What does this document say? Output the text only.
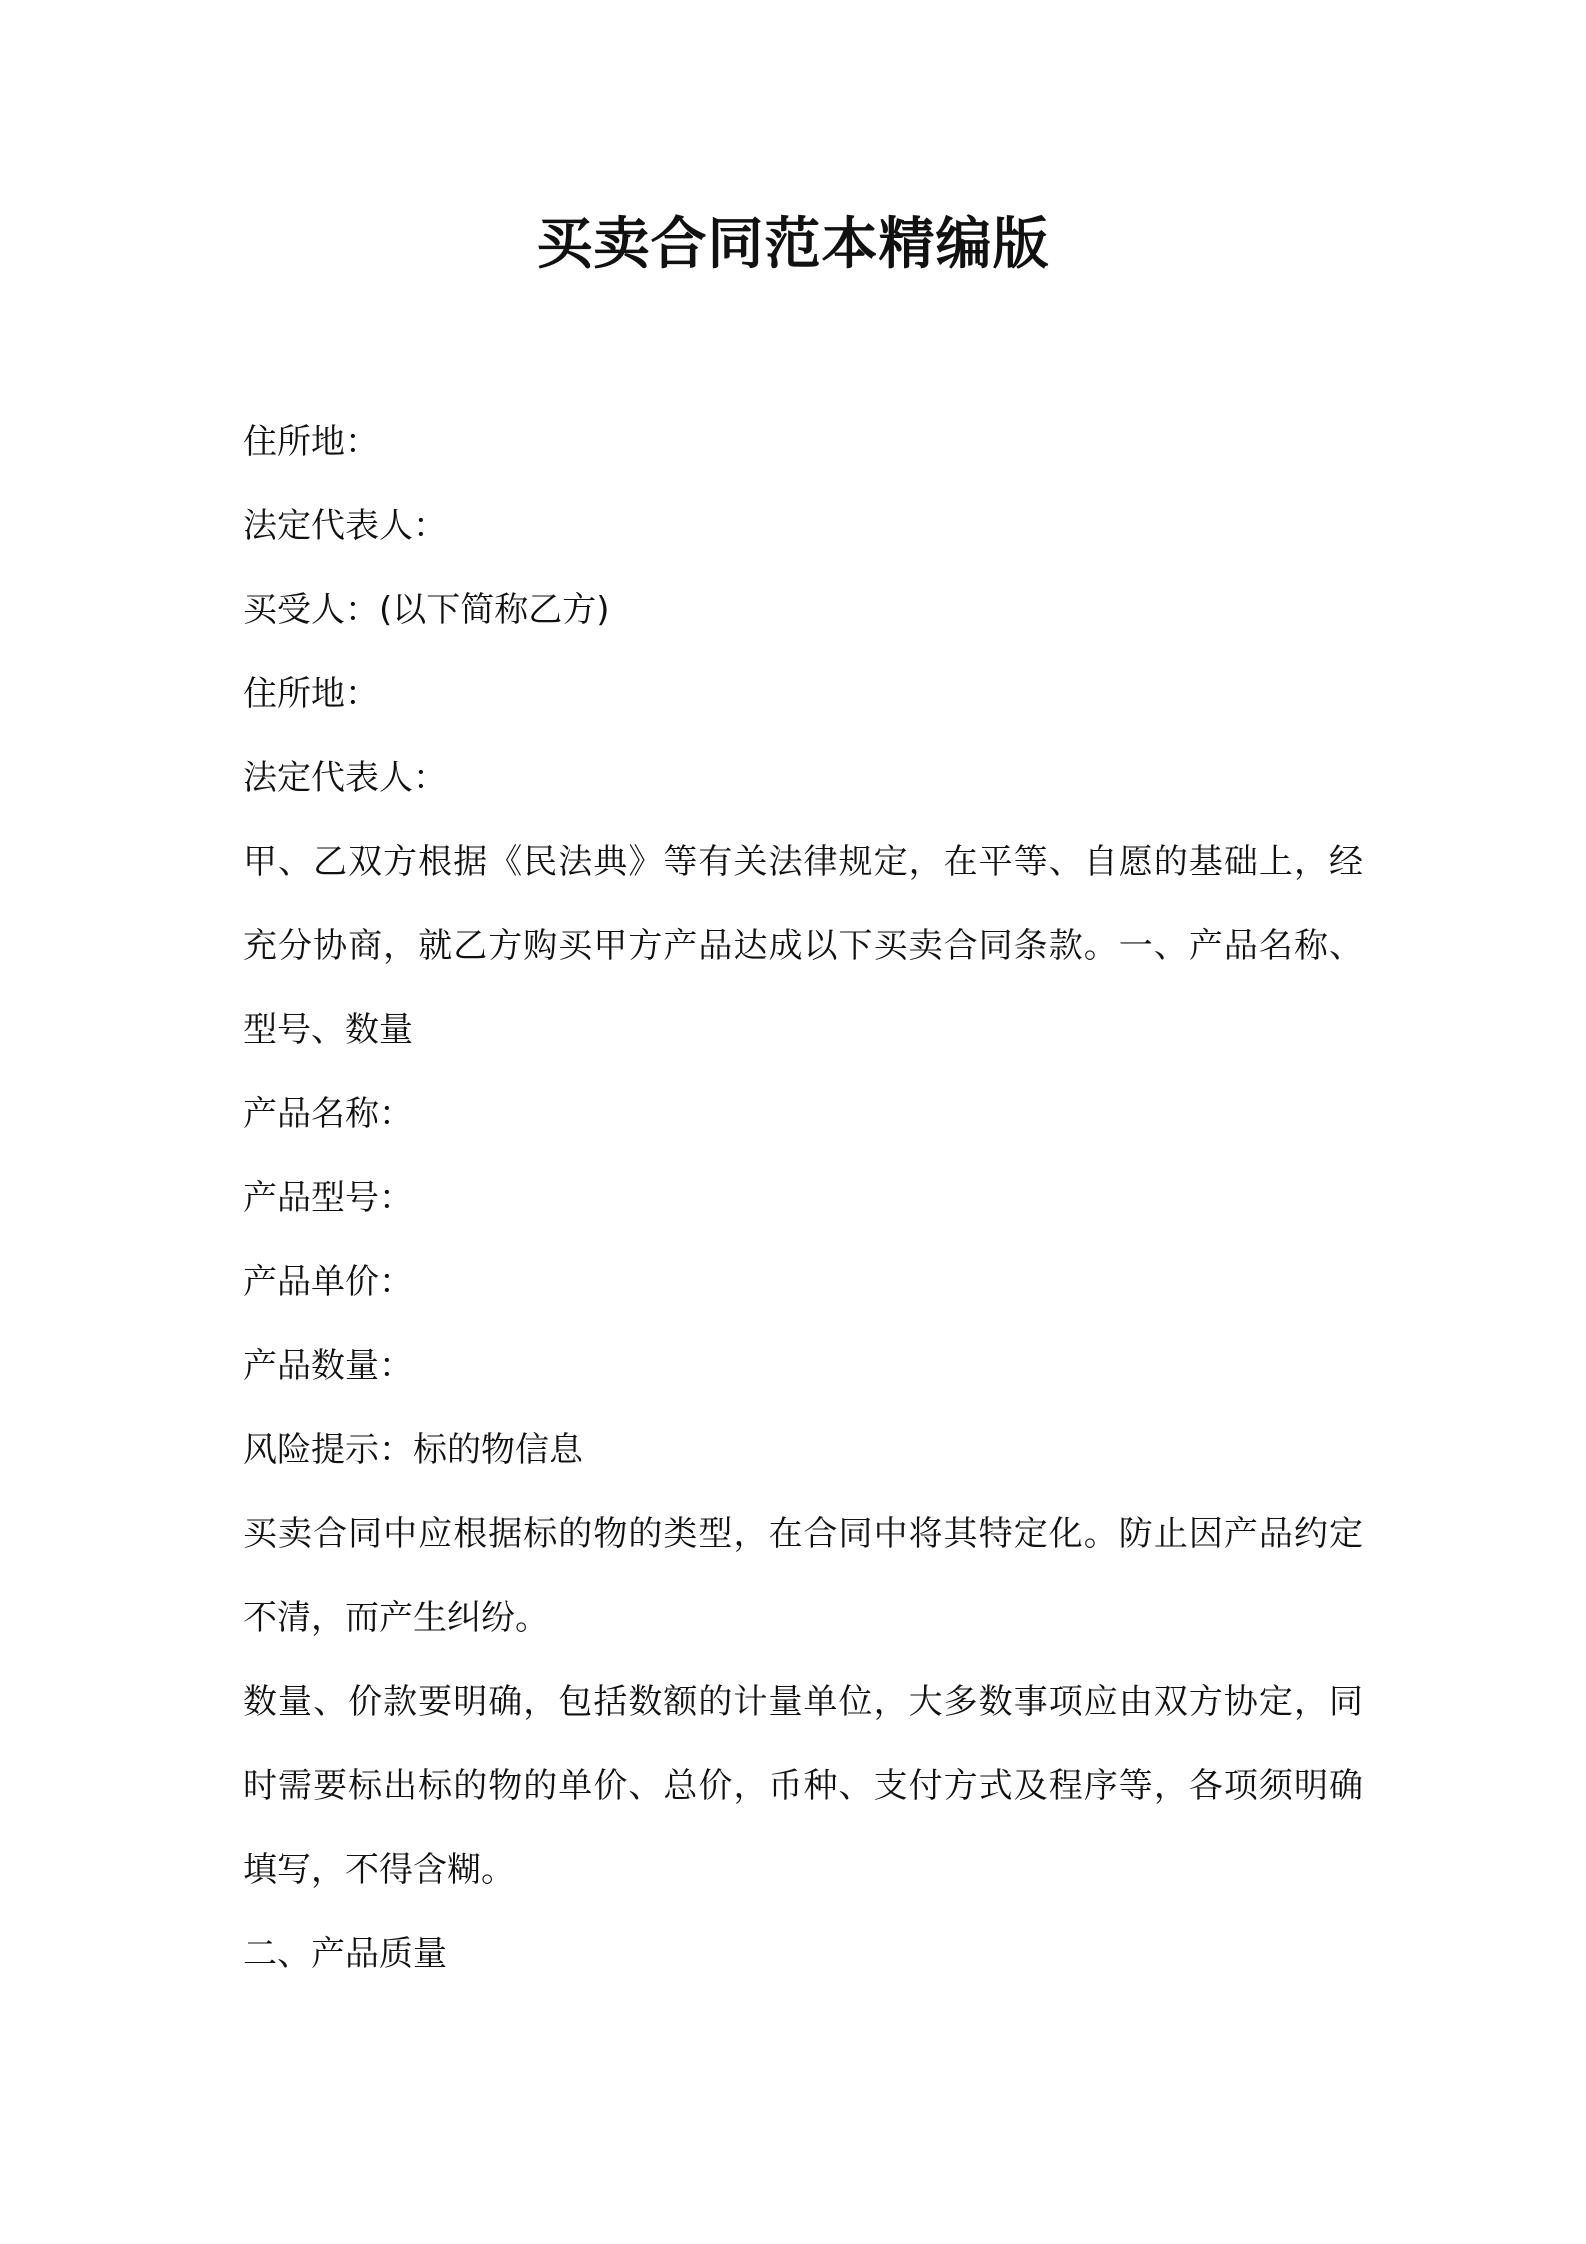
买卖合同范本精编版
住所地：
法定代表人：
买受人：(以下简称乙方)
住所地：
法定代表人：
甲、乙双方根据《民法典》等有关法律规定，在平等、自愿的基础上，经充分协商，就乙方购买甲方产品达成以下买卖合同条款。一、产品名称、型号、数量
产品名称：
产品型号：
产品单价：
产品数量：
风险提示：标的物信息
买卖合同中应根据标的物的类型，在合同中将其特定化。防止因产品约定不清，而产生纠纷。
数量、价款要明确，包括数额的计量单位，大多数事项应由双方协定，同时需要标出标的物的单价、总价，币种、支付方式及程序等，各项须明确填写，不得含糊。
二、产品质量
